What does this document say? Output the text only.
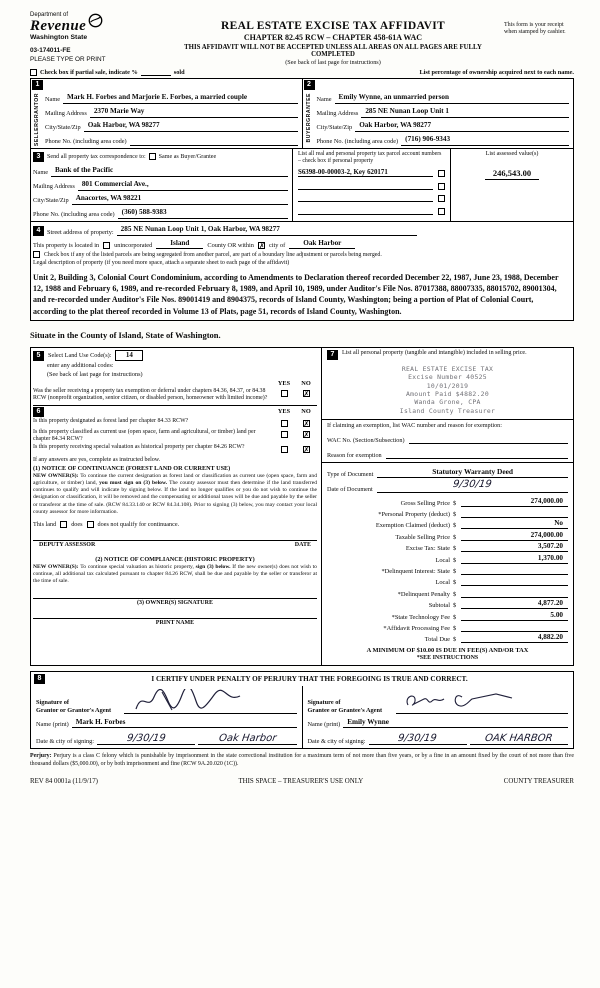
Department of
Revenue
Washington State
03-174011-FE
PLEASE TYPE OR PRINT
REAL ESTATE EXCISE TAX AFFIDAVIT
CHAPTER 82.45 RCW – CHAPTER 458-61A WAC
THIS AFFIDAVIT WILL NOT BE ACCEPTED UNLESS ALL AREAS ON ALL PAGES ARE FULLY COMPLETED
(See back of last page for instructions)
This form is your receipt when stamped by cashier.
Check box if partial sale, indicate %	sold	List percentage of ownership acquired next to each name.
1
SELLERGRANTOR Name Mark H. Forbes and Marjorie E. Forbes, a married couple
Mailing Address 2370 Marie Way
City/State/Zip Oak Harbor, WA 98277
Phone No. (including area code)
2
BUYERGRANTEE Name Emily Wynne, an unmarried person
Mailing Address 285 NE Nunan Loop Unit 1
City/State/Zip Oak Harbor, WA 98277
Phone No. (including area code) (716) 906-9343
3	Send all property tax correspondence to: Same as Buyer/Grantee
Name Bank of the Pacific
Mailing Address 801 Commercial Ave.,
City/State/Zip Anacortes, WA 98221
Phone No. (including area code) (360) 588-9383
List all real and personal property tax parcel account numbers – check box if personal property
S6398-00-00003-2, Key 620171
List assessed value(s)
246,543.00
4	Street address of property: 285 NE Nunan Loop Unit 1, Oak Harbor, WA 98277
This property is located in unincorporated	Island	County OR within ✗ city of	Oak Harbor
Check box if any of the listed parcels are being segregated from another parcel, are part of a boundary line adjustment or parcels being merged.
Legal description of property (if you need more space, attach a separate sheet to each page of the affidavit)
Unit 2, Building 3, Colonial Court Condominium, according to Amendments to Declaration thereof recorded December 22, 1987, June 23, 1988, December 12, 1988 and February 6, 1989, and re-recorded February 8, 1989, and April 10, 1989, under Auditor's File Nos. 87017388, 88007335, 88015702, 89001304, and re-recorded under Auditor's File Nos. 89001419 and 8904375, records of Island County, Washington; being a portion of Plat of Colonial Court, according to the plat thereof recorded in Volume 13 of Plats, page 51, records of Island County, Washington.
Situate in the County of Island, State of Washington.
5	Select Land Use Code(s):	14
enter any additional codes:
(See back of last page for instructions)
YES	NO
Was the seller receiving a property tax exemption or deferral under chapters 84.36, 84.37, or 84.38 RCW (nonprofit organization, senior citizen, or disabled person, homeowner with limited income)?	✗
6	YES	NO
Is this property designated as forest land per chapter 84.33 RCW?	✗
Is this property classified as current use (open space, farm and agricultural, or timber) land per chapter 84.34 RCW?	✗
Is this property receiving special valuation as historical property per chapter 84.26 RCW?	✗
If any answers are yes, complete as instructed below.
(1) NOTICE OF CONTINUANCE (FOREST LAND OR CURRENT USE)
NEW OWNER(S): To continue the current designation as forest land or classification as current use (open space, farm and agriculture, or timber) land, you must sign on (3) below. The county assessor must then determine if the land transferred continues to qualify and will indicate by signing below. If the land no longer qualifies or you do not wish to continue the designation or classification, it will be removed and the compensating or additional taxes will be due and payable by the seller or transferor at the time of sale. (RCW 84.33.140 or RCW 84.34.108). Prior to signing (3) below, you may contact your local county assessor for more information.
This land does does not qualify for continuance.
DEPUTY ASSESSOR	DATE
(2) NOTICE OF COMPLIANCE (HISTORIC PROPERTY)
NEW OWNER(S): To continue special valuation as historic property, sign (3) below. If the new owner(s) does not wish to continue, all additional tax calculated pursuant to chapter 84.26 RCW, shall be due and payable by the seller or transferor at the time of sale.
(3) OWNER(S) SIGNATURE
PRINT NAME
7	List all personal property (tangible and intangible) included in selling price.
REAL ESTATE EXCISE TAX
Excise Number 40525
10/01/2019
Amount Paid $4882.20
Wanda Grone, CPA
Island County Treasurer
If claiming an exemption, list WAC number and reason for exemption:
WAC No. (Section/Subsection)
Reason for exemption
Type of Document	Statutory Warranty Deed
Date of Document	9/30/19
Gross Selling Price $	274,000.00
*Personal Property (deduct) $
Exemption Claimed (deduct) $	No
Taxable Selling Price $	274,000.00
Excise Tax: State $	3,507.20
Local $	1,370.00
*Delinquent Interest: State $
Local $
*Delinquent Penalty $
Subtotal $	4,877.20
*State Technology Fee $	5.00
*Affidavit Processing Fee $
Total Due $	4,882.20
A MINIMUM OF $10.00 IS DUE IN FEE(S) AND/OR TAX
*SEE INSTRUCTIONS
8	I CERTIFY UNDER PENALTY OF PERJURY THAT THE FOREGOING IS TRUE AND CORRECT.
Signature of
Grantor or Grantor's Agent
Name (print) Mark H. Forbes
Date & city of signing:	9/30/19	Oak Harbor
Signature of
Grantee or Grantee's Agent
Name (print) Emily Wynne
Date & city of signing:	9/30/19	OAK HARBOR
Perjury: Perjury is a class C felony which is punishable by imprisonment in the state correctional institution for a maximum term of not more than five years, or by a fine in an amount fixed by the court of not more than five thousand dollars ($5,000.00), or by both imprisonment and fine (RCW 9A.20.020 (1C)).
REV 84 0001a (11/9/17)	THIS SPACE – TREASURER'S USE ONLY	COUNTY TREASURER
